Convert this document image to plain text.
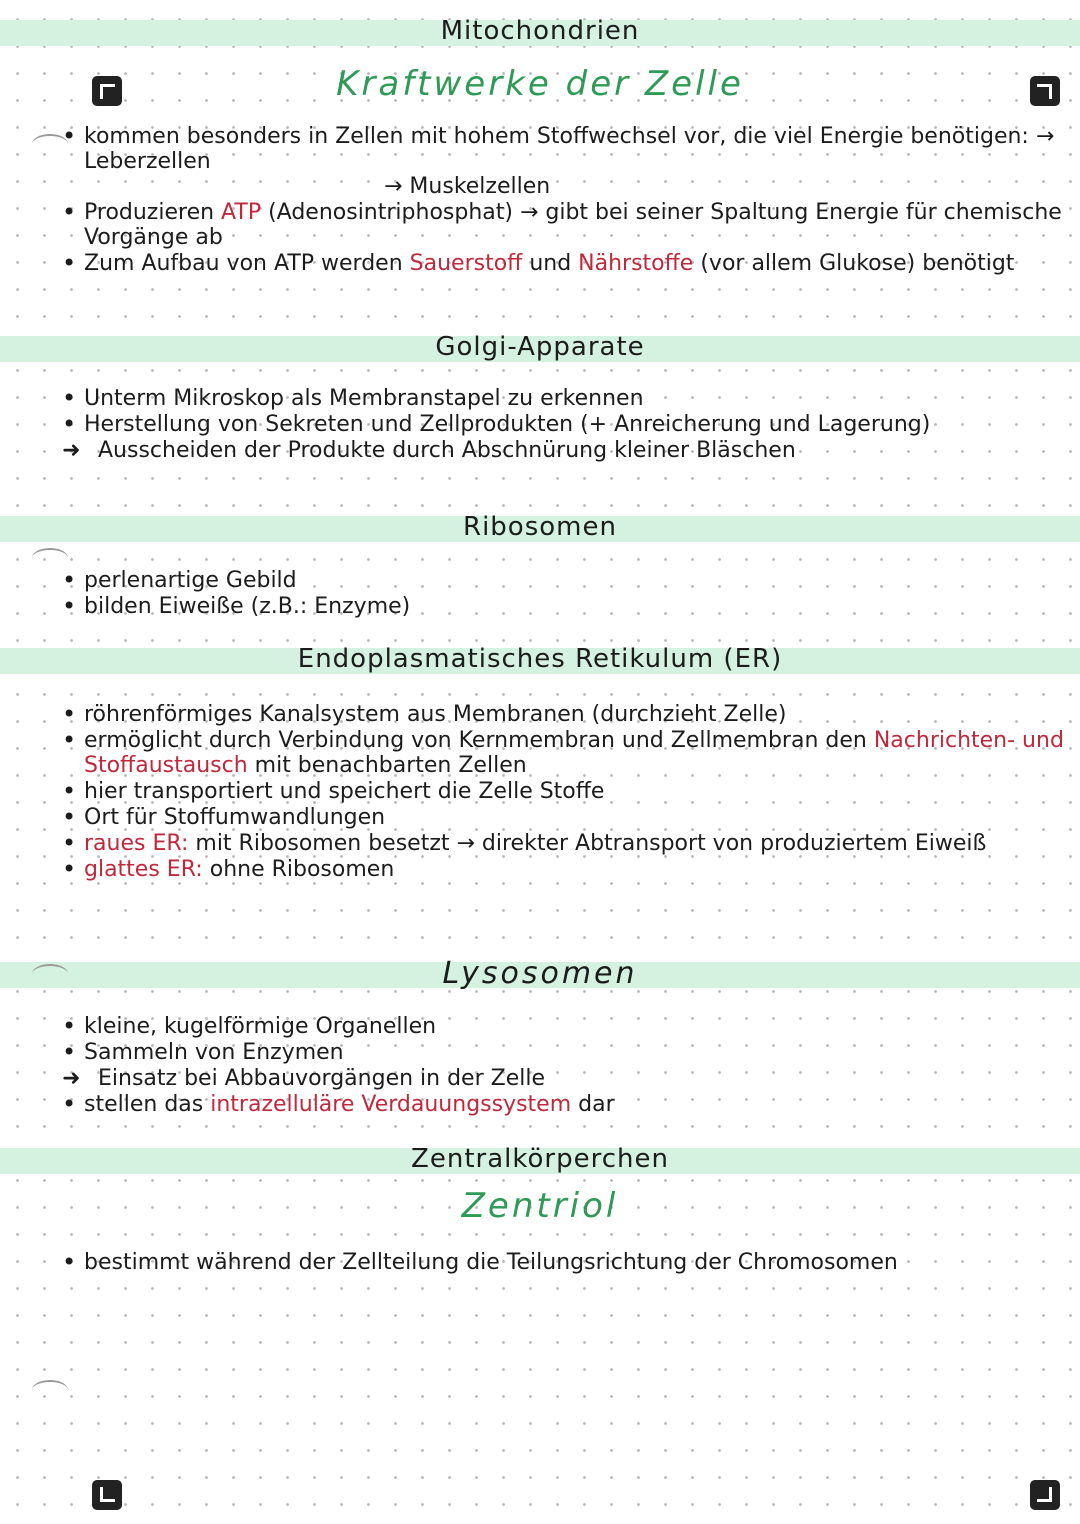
Mitochondrien
Kraftwerke der Zelle
• kommen besonders in Zellen mit hohem Stoffwechsel vor, die viel Energie benötigen: → Leberzellen
→ Muskelzellen
• Produzieren ATP (Adenosintriphosphat) → gibt bei seiner Spaltung Energie für chemische Vorgänge ab
• Zum Aufbau von ATP werden Sauerstoff und Nährstoffe (vor allem Glukose) benötigt
Golgi-Apparate
• Unterm Mikroskop als Membranstapel zu erkennen
• Herstellung von Sekreten und Zellprodukten (+ Anreicherung und Lagerung)
➜ Ausscheiden der Produkte durch Abschnürung kleiner Bläschen
Ribosomen
• perlenartige Gebild
• bilden Eiweiße (z.B.: Enzyme)
Endoplasmatisches Retikulum (ER)
• röhrenförmiges Kanalsystem aus Membranen (durchzieht Zelle)
• ermöglicht durch Verbindung von Kernmembran und Zellmembran den Nachrichten- und Stoffaustausch mit benachbarten Zellen
• hier transportiert und speichert die Zelle Stoffe
• Ort für Stoffumwandlungen
• raues ER: mit Ribosomen besetzt → direkter Abtransport von produziertem Eiweiß
• glattes ER: ohne Ribosomen
Lysosomen
• kleine, kugelförmige Organellen
• Sammeln von Enzymen
➜ Einsatz bei Abbauvorgängen in der Zelle
• stellen das intrazelluläre Verdauungssystem dar
Zentralkörperchen
Zentriol
• bestimmt während der Zellteilung die Teilungsrichtung der Chromosomen
